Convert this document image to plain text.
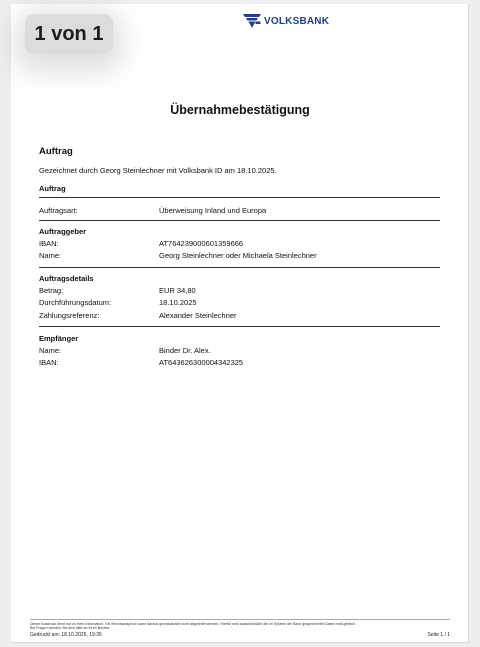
1 von 1
VOLKSBANK
Übernahmebestätigung
Auftrag
Gezeichnet durch Georg Steinlechner mit Volksbank ID am 18.10.2025.
Auftrag
Auftragsart:	Überweisung Inland und Europa
Auftraggeber
IBAN:	AT764239000601359666
Name:	Georg Steinlechner oder Michaela Steinlechner
Auftragsdetails
Betrag:	EUR 34,80
Durchführungsdatum:	18.10.2025
Zahlungsreferenz:	Alexander Steinlechner
Empfänger
Name:	Binder Dr. Alex.
IBAN:	AT643626300004342325
Dieser Ausdruck dient nur zu Ihrer Information. Ein Rechtsanspruch kann daraus grundsätzlich nicht abgeleitet werden. Hierfür sind ausschließlich die im System der Bank gespeicherten Daten maßgeblich.
Bei Fragen wenden Sie sich bitte an Ihren Berater.
Gedruckt am: 18.10.2025, 19:35	Seite 1 / 1
